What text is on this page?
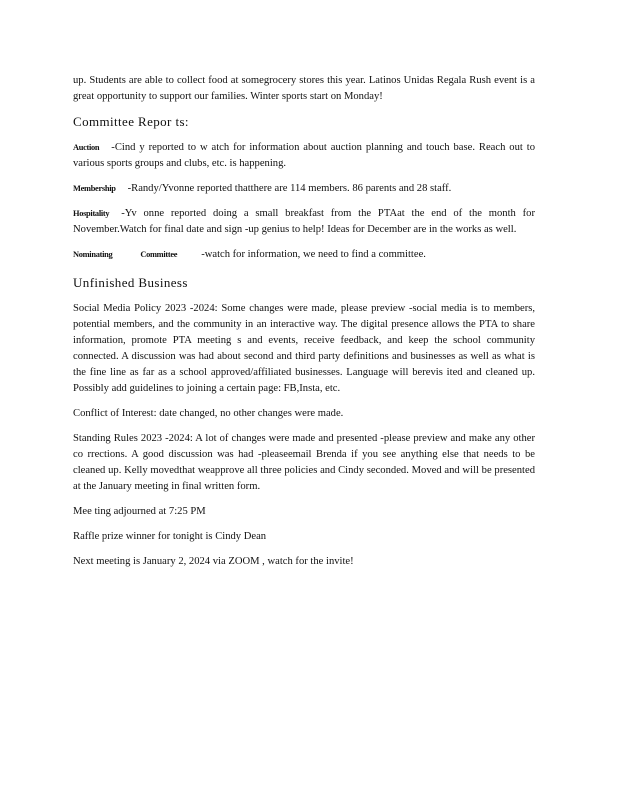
up. Students are able to collect food at somegrocery stores this year. Latinos Unidas Regala Rush event is a great opportunity to support our families. Winter sports start on Monday!

Committee Repor ts:

Auction -Cind y reported to w atch for information about auction planning and touch base. Reach out to various sports groups and clubs, etc. is happening.

Membership -Randy/Yvonne reported thatthere are 114 members. 86 parents and 28 staff.

Hospitality -Yv onne reported doing a small breakfast from the PTAat the end of the month for November.Watch for final date and sign -up genius to help! Ideas for December are in the works as well.

Nominating	Committee -watch for information, we need to find a committee.

Unfinished Business

Social Media Policy 2023 -2024: Some changes were made, please preview -social media is to members, potential members, and the community in an interactive way. The digital presence allows the PTA to share information, promote PTA meeting s and events, receive feedback, and keep the school community connected. A discussion was had about second and third party definitions and businesses as well as what is the fine line as far as a school approved/affiliated businesses. Language will berevis ited and cleaned up. Possibly add guidelines to joining a certain page: FB,Insta, etc.

Conflict of Interest: date changed, no other changes were made.

Standing Rules 2023 -2024: A lot of changes were made and presented -please preview and make any other co rrections. A good discussion was had -pleaseemail Brenda if you see anything else that needs to be cleaned up. Kelly movedthat weapprove all three policies and Cindy seconded. Moved and will be presented at the January meeting in final written form.

Mee ting adjourned at 7:25 PM

Raffle prize winner for tonight is Cindy Dean

Next meeting is January 2, 2024 via ZOOM , watch for the invite!
